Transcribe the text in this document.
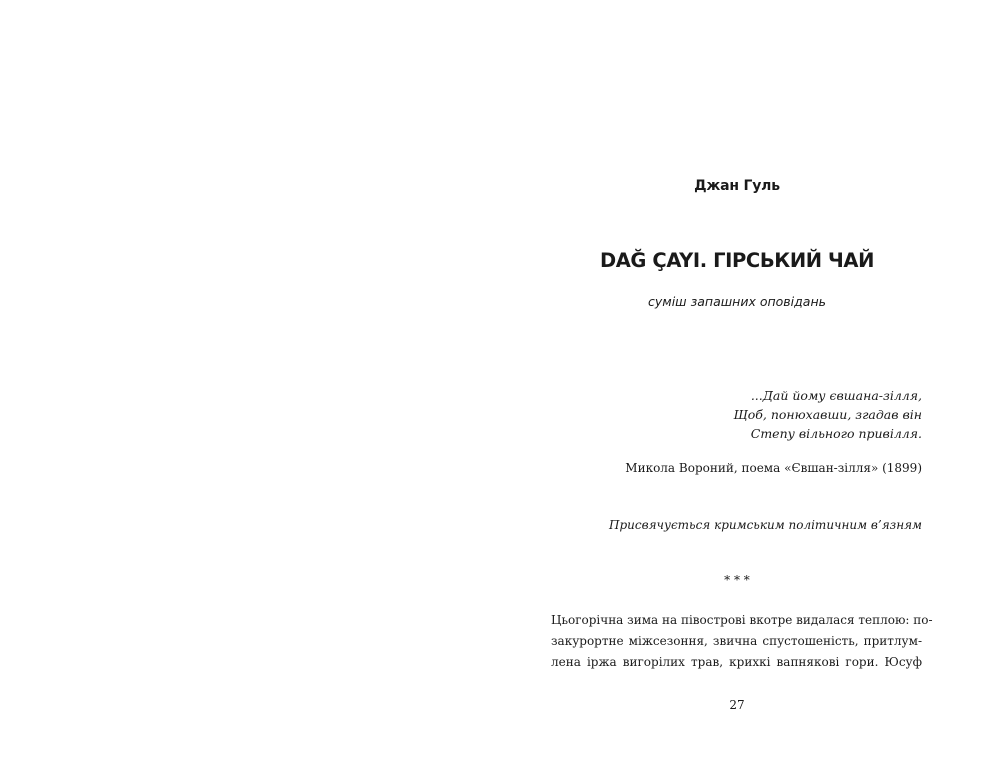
Джан Гуль
DAĞ ÇAYI. ГІРСЬКИЙ ЧАЙ
суміш запашних оповідань
...Дай йому євшана-зілля,
Щоб, понюхавши, згадав він
Степу вільного привілля.
Микола Вороний, поема «Євшан-зілля» (1899)
Присвячується кримським політичним в’язням
* * *
Цьогорічна зима на півострові вкотре видалася теплою: по-
закурортне міжсезоння, звична спустошеність, притлум-
лена іржа вигорілих трав, крихкі вапнякові гори. Юсуф
27
